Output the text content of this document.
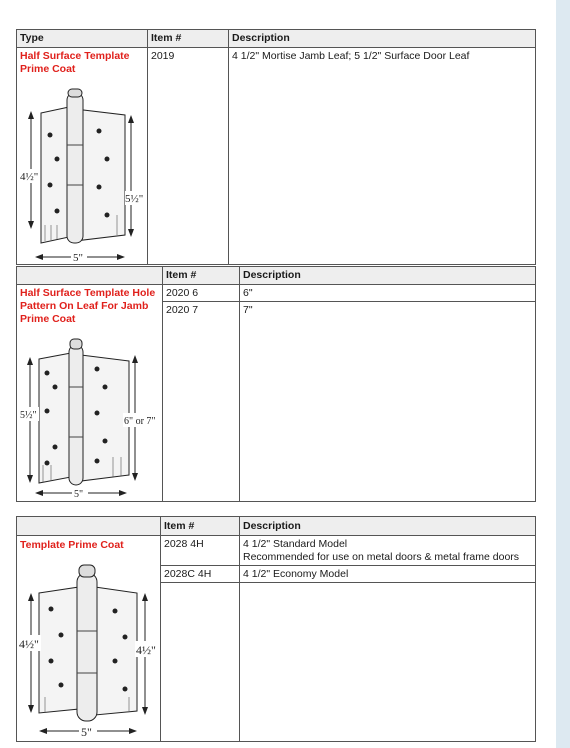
Type	Item #	Description
Half Surface Template
Prime Coat
2019	4 1/2" Mortise Jamb Leaf; 5 1/2" Surface Door Leaf
4½"
5½"
5"
Item #	Description
Half Surface Template Hole
Pattern On Leaf For Jamb
Prime Coat
2020 6	6"
2020 7	7"
5½"
6" or 7"
5"
Item #	Description
Template Prime Coat	2028 4H	4 1/2" Standard Model
Recommended for use on metal doors & metal frame doors
2028C 4H	4 1/2" Economy Model
4½"	4½"
5"
